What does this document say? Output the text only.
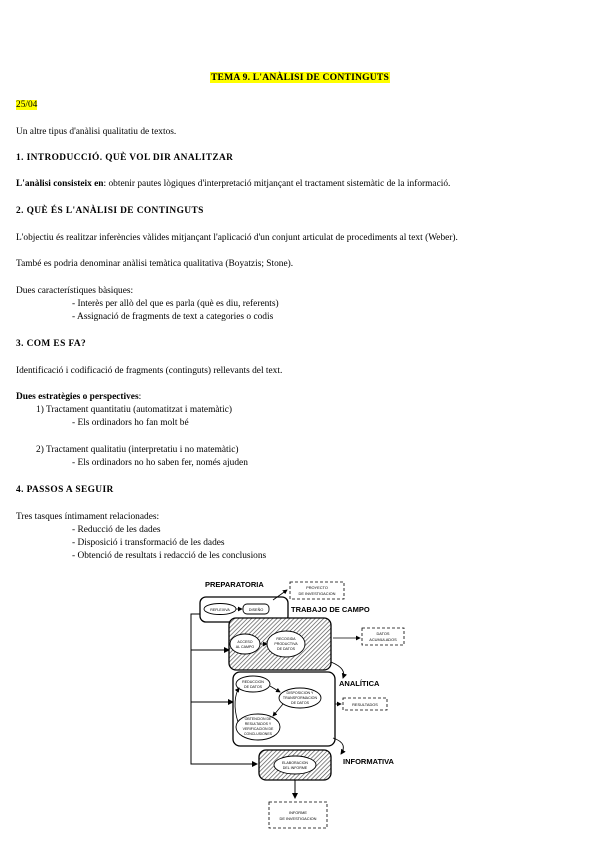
TEMA 9. L'ANÀLISI DE CONTINGUTS
25/04
Un altre tipus d'anàlisi qualitatiu de textos.
1. INTRODUCCIÓ. QUÈ VOL DIR ANALITZAR
L'anàlisi consisteix en: obtenir pautes lògiques d'interpretació mitjançant el tractament sistemàtic de la informació.
2. QUÈ ÉS L'ANÀLISI DE CONTINGUTS
L'objectiu és realitzar inferències vàlides mitjançant l'aplicació d'un conjunt articulat de procediments al text (Weber).
També es podria denominar anàlisi temàtica qualitativa (Boyatzis; Stone).
Dues característiques bàsiques:
- Interès per allò del que es parla (què es diu, referents)
- Assignació de fragments de text a categories o codis
3. COM ES FA?
Identificació i codificació de fragments (continguts) rellevants del text.
Dues estratègies o perspectives:
1) Tractament quantitatiu (automatitzat i matemàtic)
- Els ordinadors ho fan molt bé
2) Tractament qualitatiu (interpretatiu i no matemàtic)
- Els ordinadors no ho saben fer, només ajuden
4. PASSOS A SEGUIR
Tres tasques íntimament relacionades:
- Reducció de les dades
- Disposició i transformació de les dades
- Obtenció de resultats i redacció de les conclusions
PREPARATORIA
REFLEXIVA	DISEÑO
PROYECTO
DE INVESTIGACION
TRABAJO DE CAMPO
ACCESO
AL CAMPO
RECOGIDA
PRODUCTIVA
DE DATOS
DATOS
ACUMULADOS
ANALÍTICA
REDUCCION
DE DATOS
DISPOSICION Y
TRANSFORMACION
DE DATOS
OBTENCION DE
RESULTADOS Y
VERIFICACION DE
CONCLUSIONES
RESULTADOS
INFORMATIVA
ELABORACION
DEL INFORME
INFORME
DE INVESTIGACION
